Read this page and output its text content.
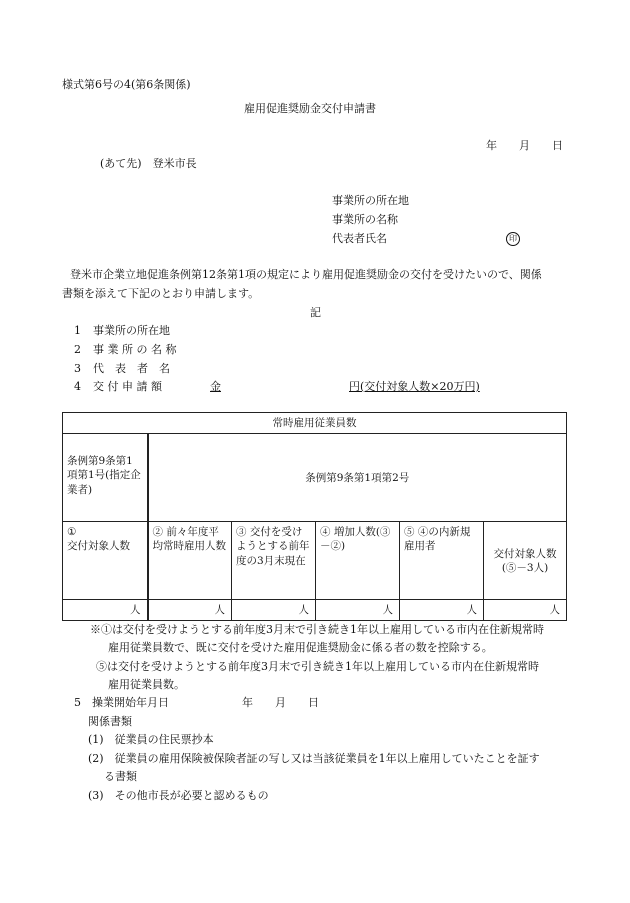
様式第6号の4(第6条関係)
雇用促進奨励金交付申請書
年　　月　　日
(あて先)　登米市長
事業所の所在地
事業所の名称
代表者氏名	印
登米市企業立地促進条例第12条第1項の規定により雇用促進奨励金の交付を受けたいので、関係
書類を添えて下記のとおり申請します。
記
1 事業所の所在地
2 事 業 所 の 名 称
3 代　表　者　名
4 交 付 申 請 額	金	円(交付対象人数×20万円)
常時雇用従業員数					
条例第9条第1項第1号(指定企業者)	条例第9条第1項第2号				
①
交付対象人数	② 前々年度平均常時雇用人数	③ 交付を受けようとする前年度の3月末現在	④ 増加人数(③－②)	⑤ ④の内新規雇用者	交付対象人数(⑤－3人)
人	人	人	人	人	人
※①は交付を受けようとする前年度3月末で引き続き1年以上雇用している市内在住新規常時
雇用従業員数で、既に交付を受けた雇用促進奨励金に係る者の数を控除する。
⑤は交付を受けようとする前年度3月末で引き続き1年以上雇用している市内在住新規常時
雇用従業員数。
5　操業開始年月日	年　　月　　日
関係書類
(1)　従業員の住民票抄本
(2)　従業員の雇用保険被保険者証の写し又は当該従業員を1年以上雇用していたことを証す
る書類
(3)　その他市長が必要と認めるもの
